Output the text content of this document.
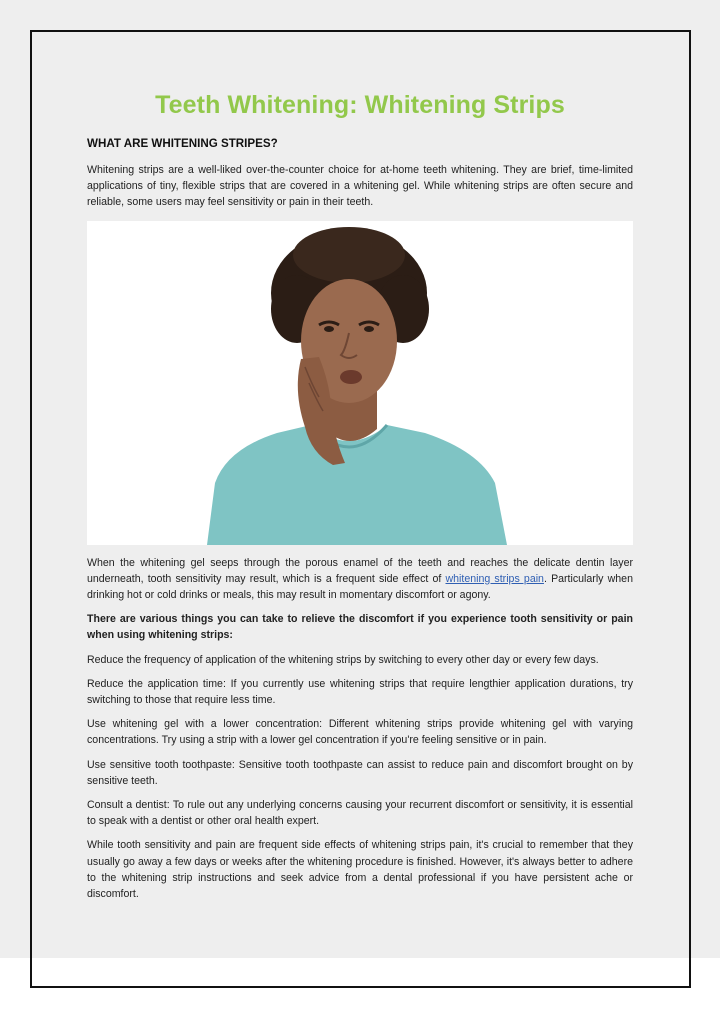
Teeth Whitening: Whitening Strips
WHAT ARE WHITENING STRIPES?

Whitening strips are a well-liked over-the-counter choice for at-home teeth whitening. They are brief, time-limited applications of tiny, flexible strips that are covered in a whitening gel. While whitening strips are often secure and reliable, some users may feel sensitivity or pain in their teeth.

When the whitening gel seeps through the porous enamel of the teeth and reaches the delicate dentin layer underneath, tooth sensitivity may result, which is a frequent side effect of whitening strips pain. Particularly when drinking hot or cold drinks or meals, this may result in momentary discomfort or agony.

There are various things you can take to relieve the discomfort if you experience tooth sensitivity or pain when using whitening strips:

Reduce the frequency of application of the whitening strips by switching to every other day or every few days.

Reduce the application time: If you currently use whitening strips that require lengthier application durations, try switching to those that require less time.

Use whitening gel with a lower concentration: Different whitening strips provide whitening gel with varying concentrations. Try using a strip with a lower gel concentration if you're feeling sensitive or in pain.

Use sensitive tooth toothpaste: Sensitive tooth toothpaste can assist to reduce pain and discomfort brought on by sensitive teeth.

Consult a dentist: To rule out any underlying concerns causing your recurrent discomfort or sensitivity, it is essential to speak with a dentist or other oral health expert.

While tooth sensitivity and pain are frequent side effects of whitening strips pain, it's crucial to remember that they usually go away a few days or weeks after the whitening procedure is finished. However, it's always better to adhere to the whitening strip instructions and seek advice from a dental professional if you have persistent ache or discomfort.
